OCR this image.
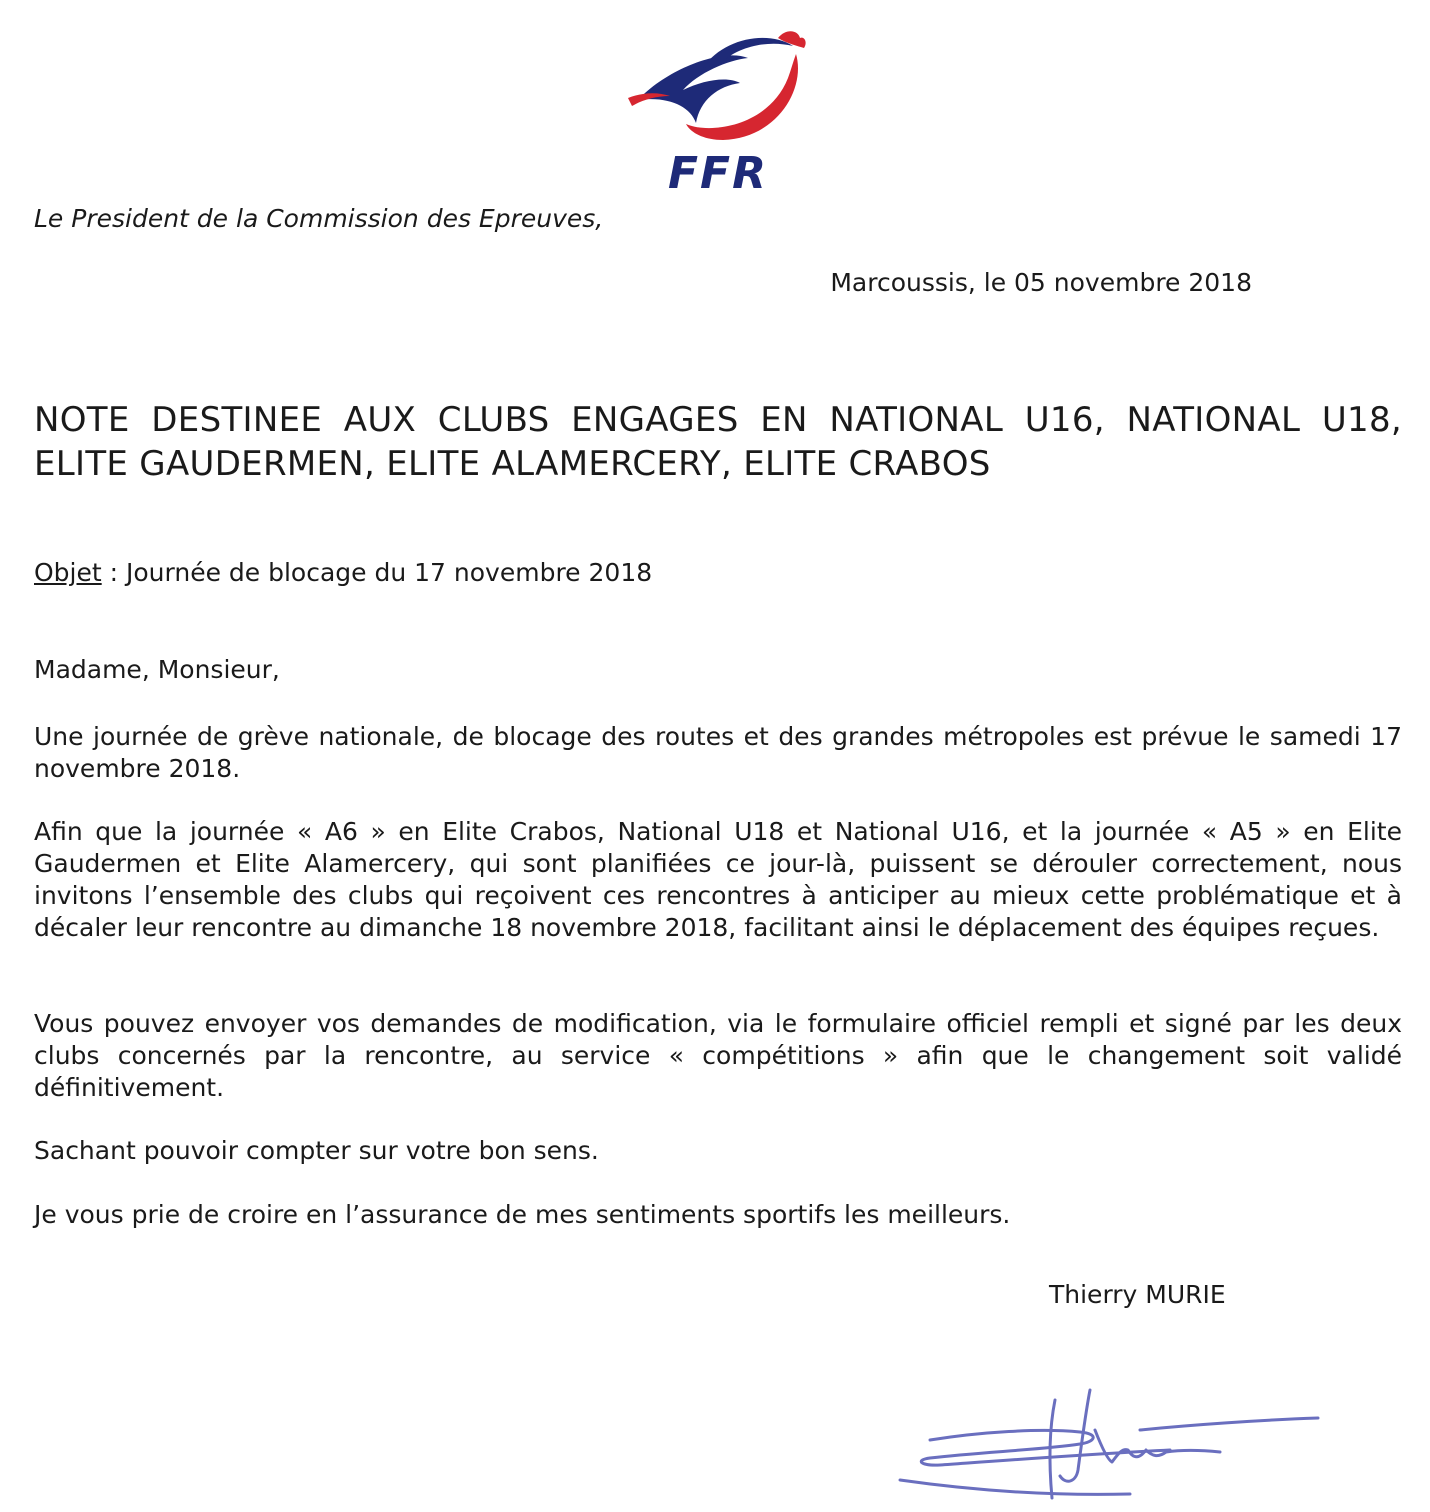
FFR
Le President de la Commission des Epreuves,
Marcoussis, le 05 novembre 2018
NOTE DESTINEE AUX CLUBS ENGAGES EN NATIONAL U16, NATIONAL U18, ELITE GAUDERMEN, ELITE ALAMERCERY, ELITE CRABOS
Objet : Journée de blocage du 17 novembre 2018
Madame, Monsieur,
Une journée de grève nationale, de blocage des routes et des grandes métropoles est prévue le samedi 17 novembre 2018.
Afin que la journée « A6 » en Elite Crabos, National U18 et National U16, et la journée « A5 » en Elite Gaudermen et Elite Alamercery, qui sont planifiées ce jour-là, puissent se dérouler correctement, nous invitons l’ensemble des clubs qui reçoivent ces rencontres à anticiper au mieux cette problématique et à décaler leur rencontre au dimanche 18 novembre 2018, facilitant ainsi le déplacement des équipes reçues.
Vous pouvez envoyer vos demandes de modification, via le formulaire officiel rempli et signé par les deux clubs concernés par la rencontre, au service « compétitions » afin que le changement soit validé définitivement.
Sachant pouvoir compter sur votre bon sens.
Je vous prie de croire en l’assurance de mes sentiments sportifs les meilleurs.
Thierry MURIE
